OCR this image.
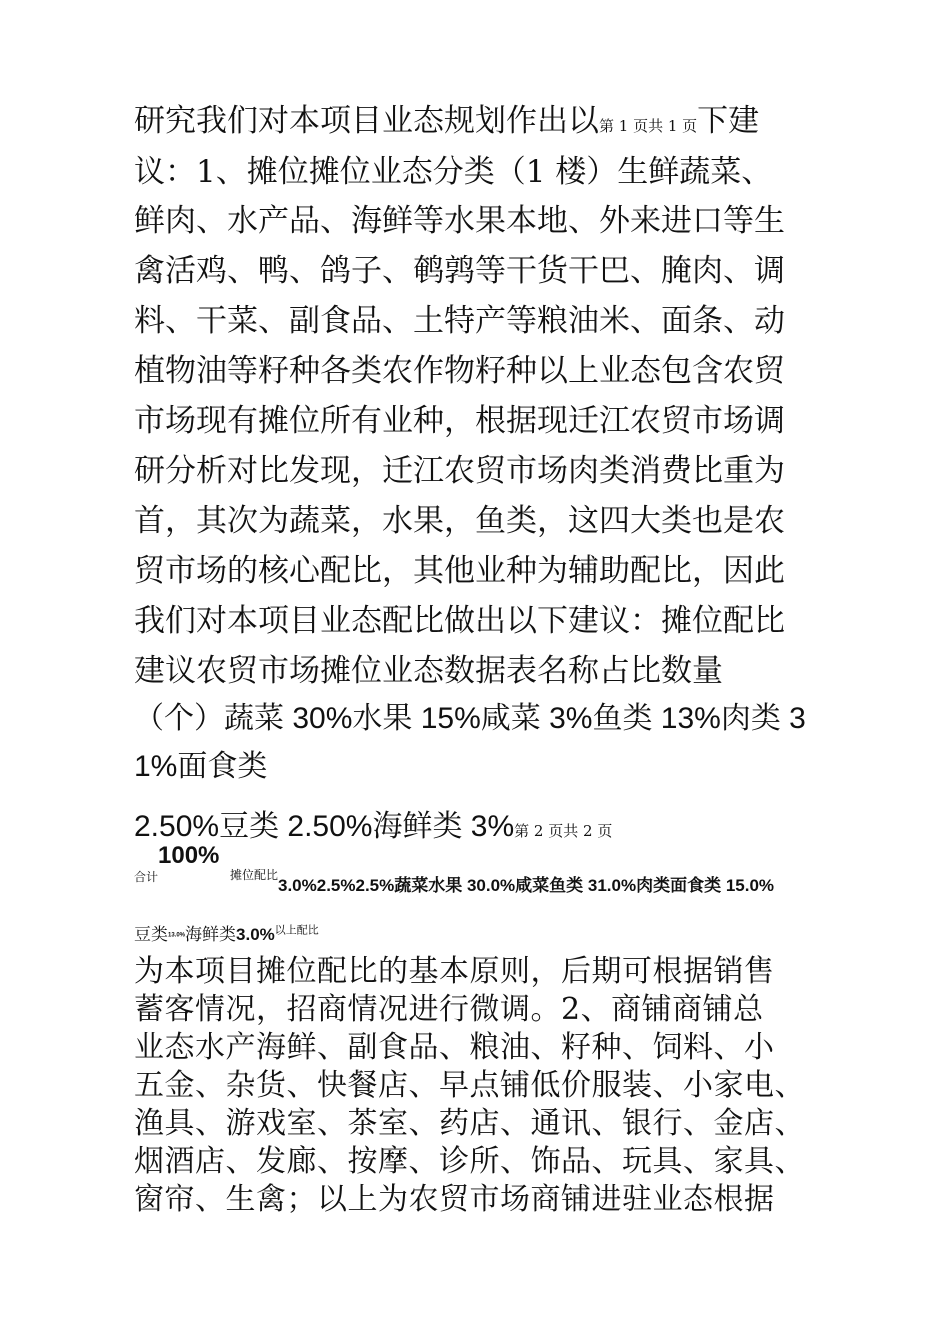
研究我们对本项目业态规划作出以第 1 页共 1 页下建
议：1、摊位摊位业态分类（1 楼）生鲜蔬菜、
鲜肉、水产品、海鲜等水果本地、外来进口等生
禽活鸡、鸭、鸽子、鹌鹑等干货干巴、腌肉、调
料、干菜、副食品、土特产等粮油米、面条、动
植物油等籽种各类农作物籽种以上业态包含农贸
市场现有摊位所有业种，根据现迁江农贸市场调
研分析对比发现，迁江农贸市场肉类消费比重为
首，其次为蔬菜，水果，鱼类，这四大类也是农
贸市场的核心配比，其他业种为辅助配比，因此
我们对本项目业态配比做出以下建议：摊位配比
建议农贸市场摊位业态数据表名称占比数量
（个）蔬菜 30%水果 15%咸菜 3%鱼类 13%肉类 3
1%面食类
2.50%豆类 2.50%海鲜类 3%第 2 页共 2 页
100%
合计	摊位配比
3.0%2.5%2.5%蔬菜水果 30.0%咸菜鱼类 31.0%肉类面食类 15.0%
豆类13.0%海鲜类3.0%$^{以上配比}$
为本项目摊位配比的基本原则，后期可根据销售
蓄客情况，招商情况进行微调。2、商铺商铺总
业态水产海鲜、副食品、粮油、籽种、饲料、小
五金、杂货、快餐店、早点铺低价服装、小家电、
渔具、游戏室、茶室、药店、通讯、银行、金店、
烟酒店、发廊、按摩、诊所、饰品、玩具、家具、
窗帘、生禽；以上为农贸市场商铺进驻业态根据
